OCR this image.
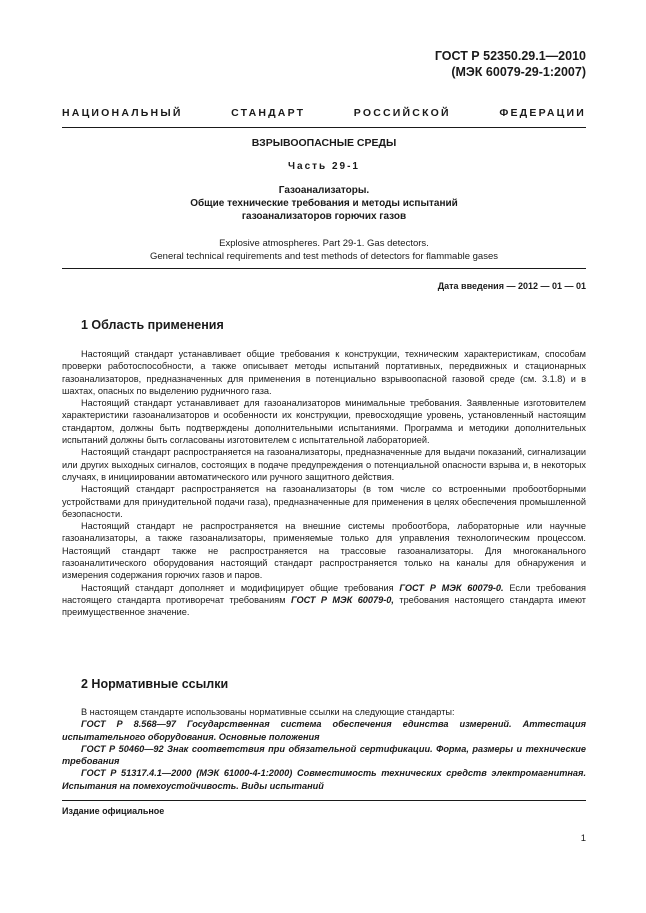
ГОСТ Р 52350.29.1—2010
(МЭК 60079-29-1:2007)
НАЦИОНАЛЬНЫЙ СТАНДАРТ РОССИЙСКОЙ ФЕДЕРАЦИИ
ВЗРЫВООПАСНЫЕ СРЕДЫ
Часть 29-1
Газоанализаторы.
Общие технические требования и методы испытаний
газоанализаторов горючих газов
Explosive atmospheres. Part 29-1. Gas detectors.
General technical requirements and test methods of detectors for flammable gases
Дата введения — 2012 — 01 — 01
1 Область применения

Настоящий стандарт устанавливает общие требования к конструкции, техническим характеристикам, способам проверки работоспособности, а также описывает методы испытаний портативных, передвижных и стационарных газоанализаторов, предназначенных для применения в потенциально взрывоопасной газовой среде (см. 3.1.8) и в шахтах, опасных по выделению рудничного газа.

Настоящий стандарт устанавливает для газоанализаторов минимальные требования. Заявленные изготовителем характеристики газоанализаторов и особенности их конструкции, превосходящие уровень, установленный настоящим стандартом, должны быть подтверждены дополнительными испытаниями. Программа и методики дополнительных испытаний должны быть согласованы изготовителем с испытательной лабораторией.

Настоящий стандарт распространяется на газоанализаторы, предназначенные для выдачи показаний, сигнализации или других выходных сигналов, состоящих в подаче предупреждения о потенциальной опасности взрыва и, в некоторых случаях, в инициировании автоматического или ручного защитного действия.

Настоящий стандарт распространяется на газоанализаторы (в том числе со встроенными пробоотборными устройствами для принудительной подачи газа), предназначенные для применения в целях обеспечения промышленной безопасности.

Настоящий стандарт не распространяется на внешние системы пробоотбора, лабораторные или научные газоанализаторы, а также газоанализаторы, применяемые только для управления технологическим процессом. Настоящий стандарт также не распространяется на трассовые газоанализаторы. Для многоканального газоаналитического оборудования настоящий стандарт распространяется только на каналы для обнаружения и измерения содержания горючих газов и паров.

Настоящий стандарт дополняет и модифицирует общие требования ГОСТ Р МЭК 60079-0. Если требования настоящего стандарта противоречат требованиям ГОСТ Р МЭК 60079-0, требования настоящего стандарта имеют преимущественное значение.

2 Нормативные ссылки

В настоящем стандарте использованы нормативные ссылки на следующие стандарты:

ГОСТ Р 8.568—97 Государственная система обеспечения единства измерений. Аттестация испытательного оборудования. Основные положения

ГОСТ Р 50460—92 Знак соответствия при обязательной сертификации. Форма, размеры и технические требования

ГОСТ Р 51317.4.1—2000 (МЭК 61000-4-1:2000) Совместимость технических средств электромагнитная. Испытания на помехоустойчивость. Виды испытаний

Издание официальное
1
